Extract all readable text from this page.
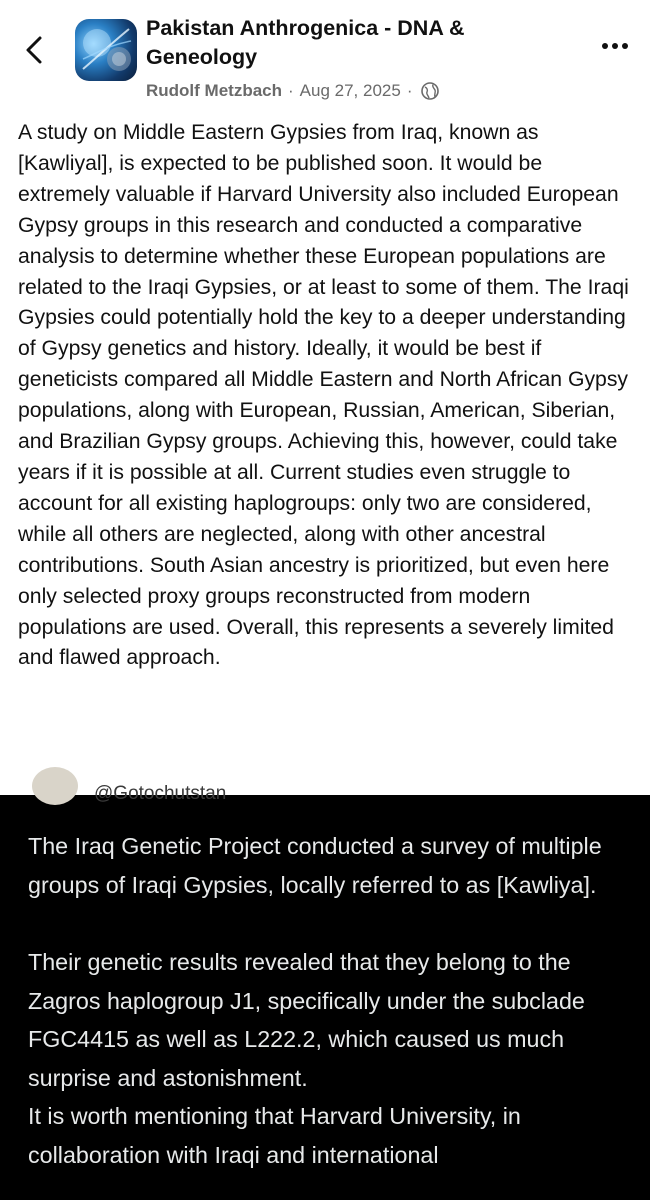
Pakistan Anthrogenica - DNA & Geneology
Rudolf Metzbach · Aug 27, 2025 ·

A study on Middle Eastern Gypsies from Iraq, known as [Kawliyal], is expected to be published soon. It would be extremely valuable if Harvard University also included European Gypsy groups in this research and conducted a comparative analysis to determine whether these European populations are related to the Iraqi Gypsies, or at least to some of them. The Iraqi Gypsies could potentially hold the key to a deeper understanding of Gypsy genetics and history. Ideally, it would be best if geneticists compared all Middle Eastern and North African Gypsy populations, along with European, Russian, American, Siberian, and Brazilian Gypsy groups. Achieving this, however, could take years if it is possible at all. Current studies even struggle to account for all existing haplogroups: only two are considered, while all others are neglected, along with other ancestral contributions. South Asian ancestry is prioritized, but even here only selected proxy groups reconstructed from modern populations are used. Overall, this represents a severely limited and flawed approach.

@Gotochutstan

The Iraq Genetic Project conducted a survey of multiple groups of Iraqi Gypsies, locally referred to as [Kawliya].

Their genetic results revealed that they belong to the Zagros haplogroup J1, specifically under the subclade FGC4415 as well as L222.2, which caused us much surprise and astonishment.

It is worth mentioning that Harvard University, in collaboration with Iraqi and international
